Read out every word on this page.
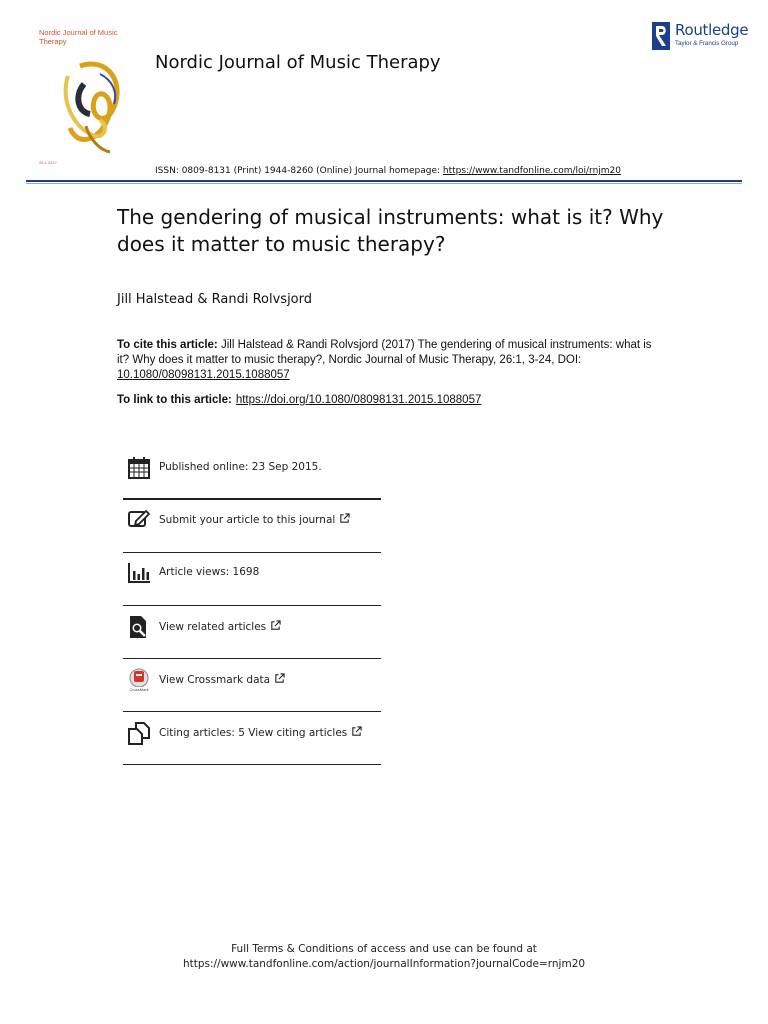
Nordic Journal of Music Therapy
26.1 2017
Nordic Journal of Music Therapy
Routledge
Taylor & Francis Group
ISSN: 0809-8131 (Print) 1944-8260 (Online) Journal homepage: https://www.tandfonline.com/loi/rnjm20
The gendering of musical instruments: what is it? Why does it matter to music therapy?
Jill Halstead & Randi Rolvsjord
To cite this article: Jill Halstead & Randi Rolvsjord (2017) The gendering of musical instruments: what is it? Why does it matter to music therapy?, Nordic Journal of Music Therapy, 26:1, 3-24, DOI: 10.1080/08098131.2015.1088057
To link to this article: https://doi.org/10.1080/08098131.2015.1088057
Published online: 23 Sep 2015.
Submit your article to this journal
Article views: 1698
View related articles
CrossMark
View Crossmark data
Citing articles: 5 View citing articles
Full Terms & Conditions of access and use can be found at
https://www.tandfonline.com/action/journalInformation?journalCode=rnjm20
